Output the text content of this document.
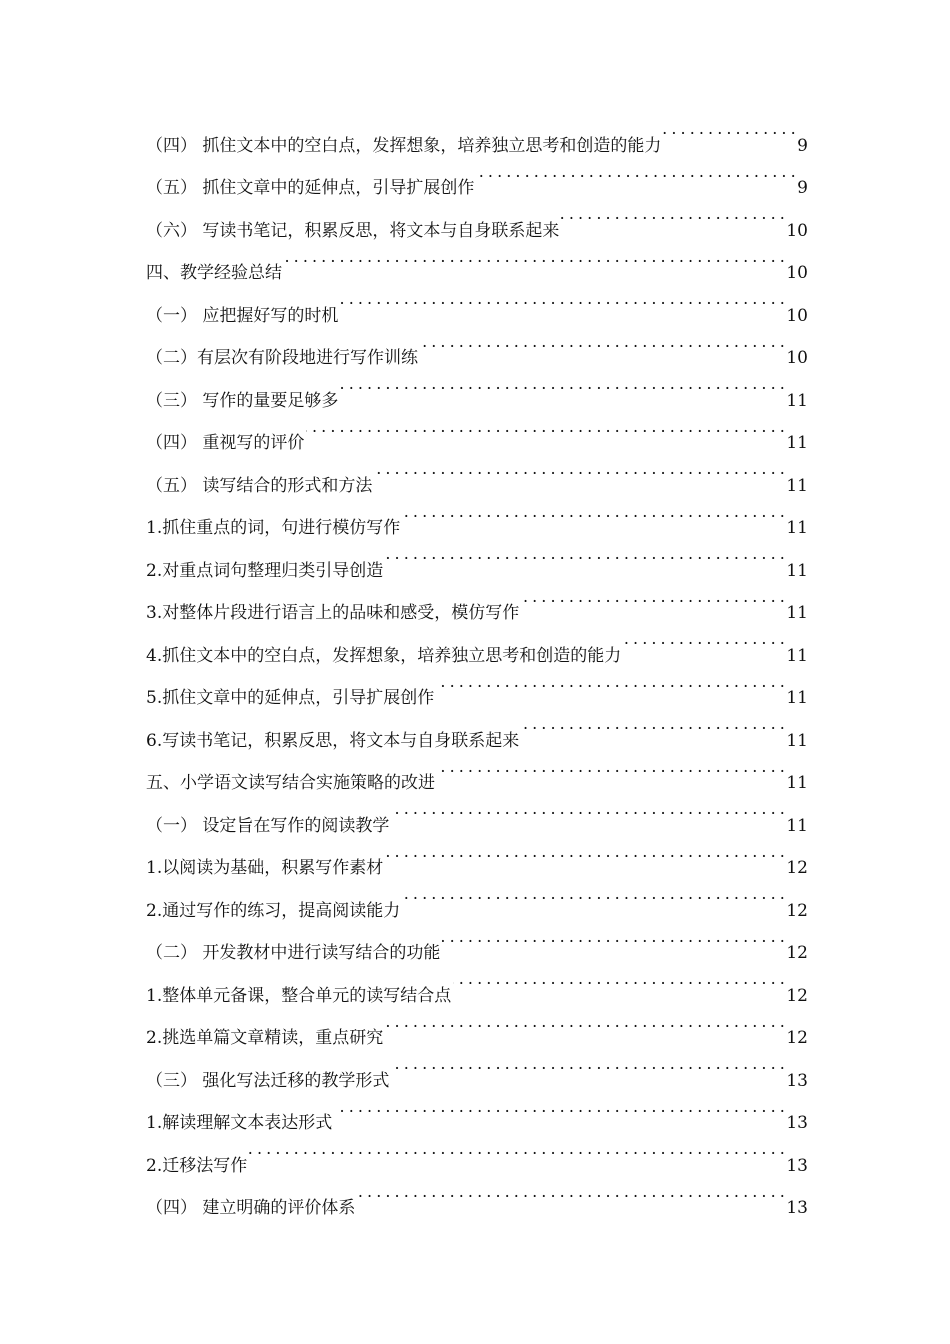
（四） 抓住文本中的空白点，发挥想象，培养独立思考和创造的能力 . . .	9
（五） 抓住文章中的延伸点，引导扩展创作 . . .	9
（六） 写读书笔记，积累反思，将文本与自身联系起来 . . .	10
四、教学经验总结 . . .	10
（一） 应把握好写的时机 . . .	10
（二）有层次有阶段地进行写作训练 . . .	10
（三） 写作的量要足够多 . . .	11
（四） 重视写的评价 . . .	11
（五） 读写结合的形式和方法 . . .	11
1.抓住重点的词，句进行模仿写作 . . .	11
2.对重点词句整理归类引导创造 . . .	11
3.对整体片段进行语言上的品味和感受，模仿写作 . . .	11
4.抓住文本中的空白点，发挥想象，培养独立思考和创造的能力 . . .	11
5.抓住文章中的延伸点，引导扩展创作 . . .	11
6.写读书笔记，积累反思，将文本与自身联系起来 . . .	11
五、小学语文读写结合实施策略的改进 . . .	11
（一） 设定旨在写作的阅读教学 . . .	11
1.以阅读为基础，积累写作素材 . . .	12
2.通过写作的练习，提高阅读能力 . . .	12
（二） 开发教材中进行读写结合的功能 . . .	12
1.整体单元备课，整合单元的读写结合点 . . .	12
2.挑选单篇文章精读，重点研究 . . .	12
（三） 强化写法迁移的教学形式 . . .	13
1.解读理解文本表达形式 . . .	13
2.迁移法写作 . . .	13
（四） 建立明确的评价体系 . . .	13
